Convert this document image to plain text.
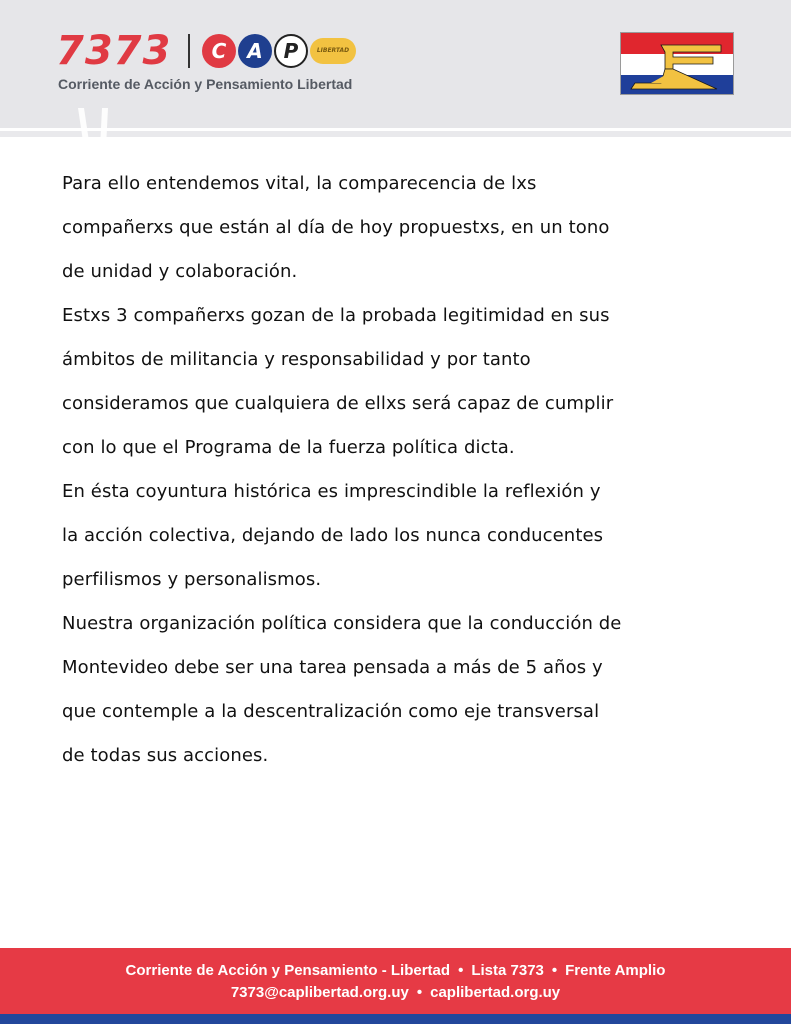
7373	C	A	P	LIBERTAD
Corriente de Acción y Pensamiento Libertad
Para ello entendemos vital, la comparecencia de lxs
compañerxs que están al día de hoy propuestxs, en un tono
de unidad y colaboración.
Estxs 3 compañerxs gozan de la probada legitimidad en sus
ámbitos de militancia y responsabilidad y por tanto
consideramos que cualquiera de ellxs será capaz de cumplir
con lo que el Programa de la fuerza política dicta.
En ésta coyuntura histórica es imprescindible la reflexión y
la acción colectiva, dejando de lado los nunca conducentes
perfilismos y personalismos.
Nuestra organización política considera que la conducción de
Montevideo debe ser una tarea pensada a más de 5 años y
que contemple a la descentralización como eje transversal
de todas sus acciones.
Corriente de Acción y Pensamiento - Libertad • Lista 7373 • Frente Amplio
7373@caplibertad.org.uy • caplibertad.org.uy
